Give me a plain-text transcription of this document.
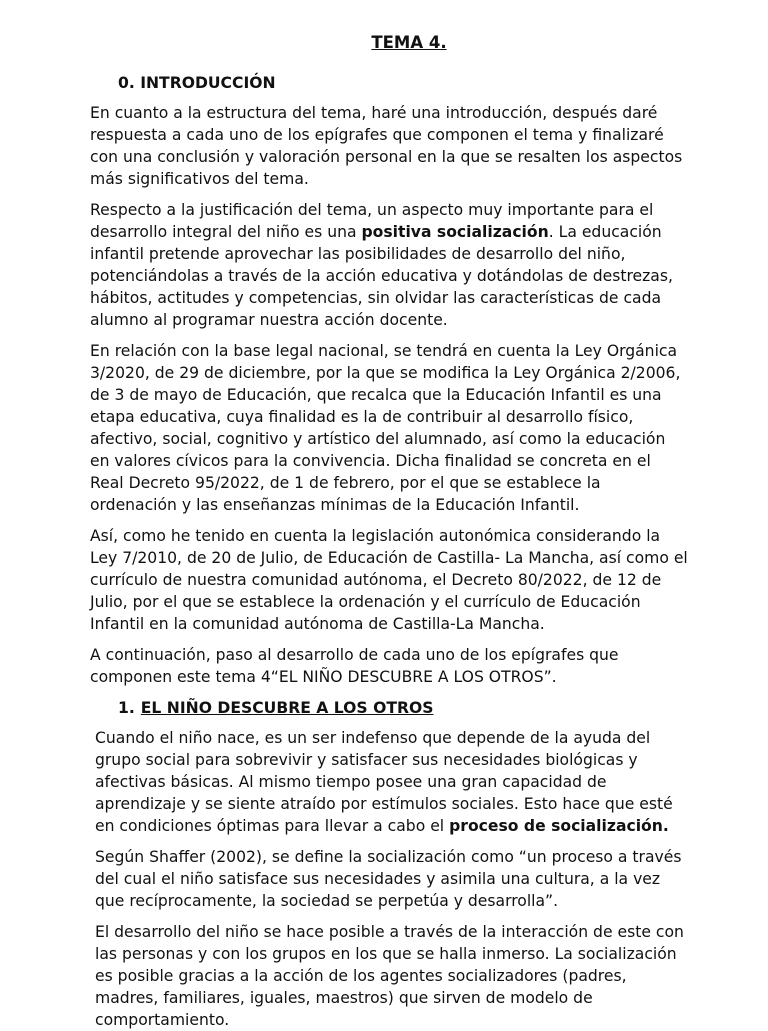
TEMA 4.
0. INTRODUCCIÓN

En cuanto a la estructura del tema, haré una introducción, después daré respuesta a cada uno de los epígrafes que componen el tema y finalizaré con una conclusión y valoración personal en la que se resalten los aspectos más significativos del tema.

Respecto a la justificación del tema, un aspecto muy importante para el desarrollo integral del niño es una positiva socialización. La educación infantil pretende aprovechar las posibilidades de desarrollo del niño, potenciándolas a través de la acción educativa y dotándolas de destrezas, hábitos, actitudes y competencias, sin olvidar las características de cada alumno al programar nuestra acción docente.

En relación con la base legal nacional, se tendrá en cuenta la Ley Orgánica 3/2020, de 29 de diciembre, por la que se modifica la Ley Orgánica 2/2006, de 3 de mayo de Educación, que recalca que la Educación Infantil es una etapa educativa, cuya finalidad es la de contribuir al desarrollo físico, afectivo, social, cognitivo y artístico del alumnado, así como la educación en valores cívicos para la convivencia. Dicha finalidad se concreta en el Real Decreto 95/2022, de 1 de febrero, por el que se establece la ordenación y las enseñanzas mínimas de la Educación Infantil.

Así, como he tenido en cuenta la legislación autonómica considerando la Ley 7/2010, de 20 de Julio, de Educación de Castilla- La Mancha, así como el currículo de nuestra comunidad autónoma, el Decreto 80/2022, de 12 de Julio, por el que se establece la ordenación y el currículo de Educación Infantil en la comunidad autónoma de Castilla-La Mancha.

A continuación, paso al desarrollo de cada uno de los epígrafes que componen este tema 4“EL NIÑO DESCUBRE A LOS OTROS”.

1. EL NIÑO DESCUBRE A LOS OTROS

Cuando el niño nace, es un ser indefenso que depende de la ayuda del grupo social para sobrevivir y satisfacer sus necesidades biológicas y afectivas básicas. Al mismo tiempo posee una gran capacidad de aprendizaje y se siente atraído por estímulos sociales. Esto hace que esté en condiciones óptimas para llevar a cabo el proceso de socialización.

Según Shaffer (2002), se define la socialización como “un proceso a través del cual el niño satisface sus necesidades y asimila una cultura, a la vez que recíprocamente, la sociedad se perpetúa y desarrolla”.

El desarrollo del niño se hace posible a través de la interacción de este con las personas y con los grupos en los que se halla inmerso. La socialización es posible gracias a la acción de los agentes socializadores (padres, madres, familiares, iguales, maestros) que sirven de modelo de comportamiento.
